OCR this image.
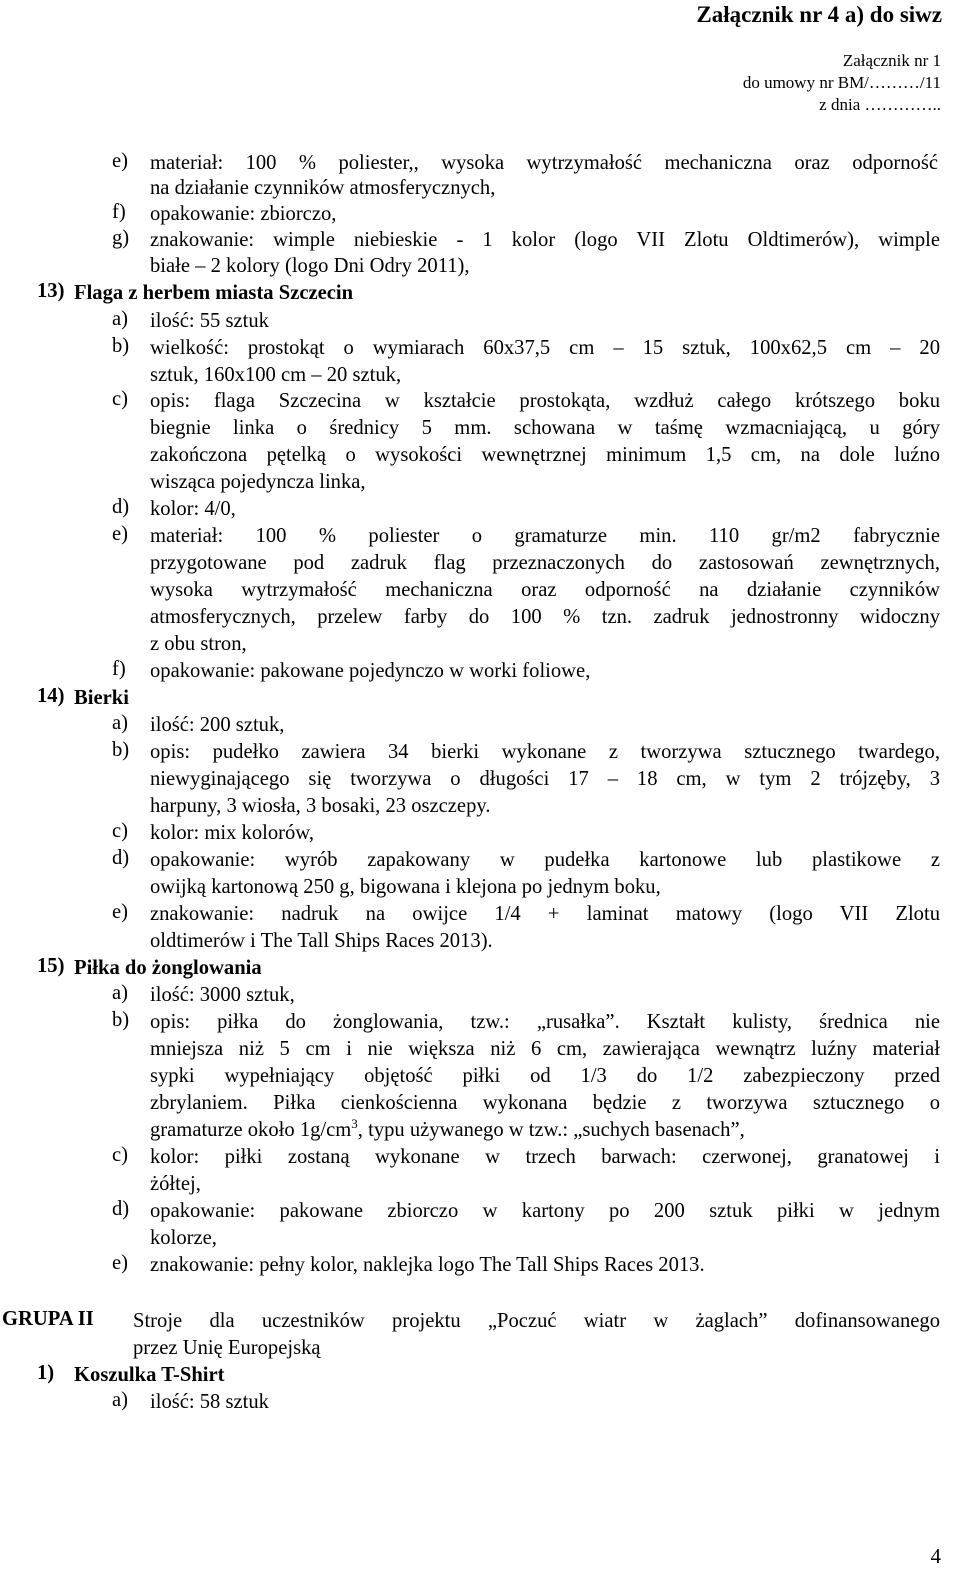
Załącznik nr 4 a) do siwz
Załącznik nr 1
do umowy nr BM/………/11
z dnia …………..
e) materiał: 100 % poliester,, wysoka wytrzymałość mechaniczna oraz odporność
na działanie czynników atmosferycznych,
f) opakowanie: zbiorczo,
g) znakowanie: wimple niebieskie - 1 kolor (logo VII Zlotu Oldtimerów), wimple
białe – 2 kolory (logo Dni Odry 2011),
13) Flaga z herbem miasta Szczecin
a) ilość: 55 sztuk
b) wielkość: prostokąt o wymiarach 60x37,5 cm – 15 sztuk, 100x62,5 cm – 20
sztuk, 160x100 cm – 20 sztuk,
c) opis: flaga Szczecina w kształcie prostokąta, wzdłuż całego krótszego boku
biegnie linka o średnicy 5 mm. schowana w taśmę wzmacniającą, u góry
zakończona pętelką o wysokości wewnętrznej minimum 1,5 cm, na dole luźno
wisząca pojedyncza linka,
d) kolor: 4/0,
e) materiał: 100 % poliester o gramaturze min. 110 gr/m2 fabrycznie
przygotowane pod zadruk flag przeznaczonych do zastosowań zewnętrznych,
wysoka wytrzymałość mechaniczna oraz odporność na działanie czynników
atmosferycznych, przelew farby do 100 % tzn. zadruk jednostronny widoczny
z obu stron,
f) opakowanie: pakowane pojedynczo w worki foliowe,
14) Bierki
a) ilość: 200 sztuk,
b) opis: pudełko zawiera 34 bierki wykonane z tworzywa sztucznego twardego,
niewyginającego się tworzywa o długości 17 – 18 cm, w tym 2 trójzęby, 3
harpuny, 3 wiosła, 3 bosaki, 23 oszczepy.
c) kolor: mix kolorów,
d) opakowanie: wyrób zapakowany w pudełka kartonowe lub plastikowe z
owijką kartonową 250 g, bigowana i klejona po jednym boku,
e) znakowanie: nadruk na owijce 1/4 + laminat matowy (logo VII Zlotu
oldtimerów i The Tall Ships Races 2013).
15) Piłka do żonglowania
a) ilość: 3000 sztuk,
b) opis: piłka do żonglowania, tzw.: „rusałka”. Kształt kulisty, średnica nie
mniejsza niż 5 cm i nie większa niż 6 cm, zawierająca wewnątrz luźny materiał
sypki wypełniający objętość piłki od 1/3 do 1/2 zabezpieczony przed
zbrylaniem. Piłka cienkościenna wykonana będzie z tworzywa sztucznego o
gramaturze około $1g/cm^3$, typu używanego w tzw.: „suchych basenach”,
c) kolor: piłki zostaną wykonane w trzech barwach: czerwonej, granatowej i
żółtej,
d) opakowanie: pakowane zbiorczo w kartony po 200 sztuk piłki w jednym
kolorze,
e) znakowanie: pełny kolor, naklejka logo The Tall Ships Races 2013.
GRUPA II Stroje dla uczestników projektu „Poczuć wiatr w żaglach” dofinansowanego
przez Unię Europejską
1) Koszulka T-Shirt
a) ilość: 58 sztuk
4
